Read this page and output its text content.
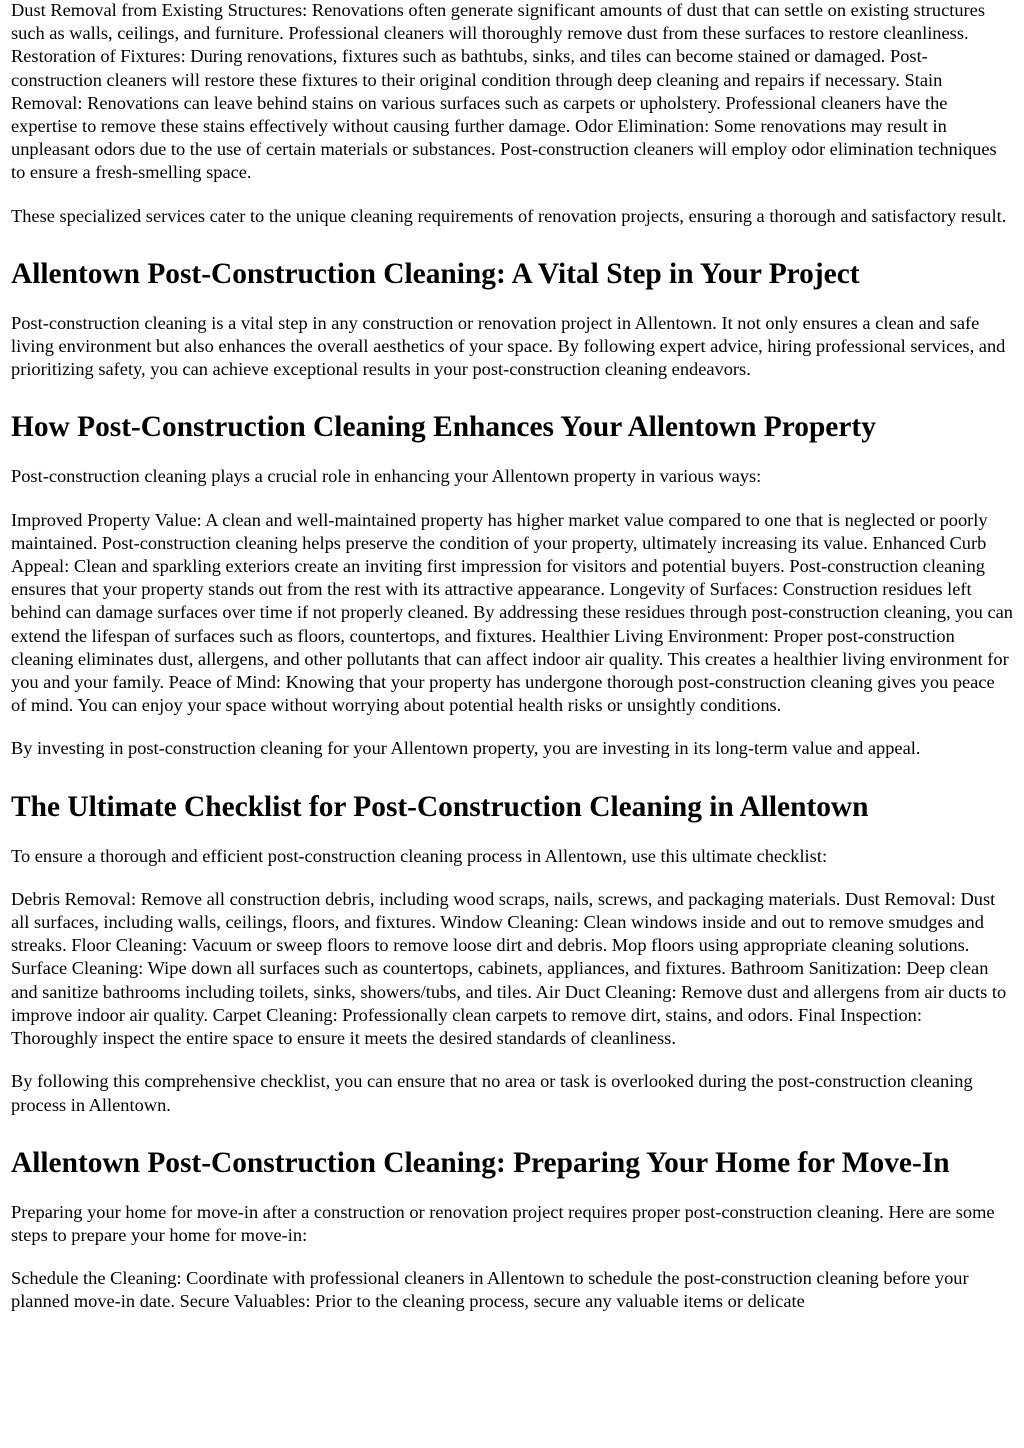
Dust Removal from Existing Structures: Renovations often generate significant amounts of dust that can settle on existing structures such as walls, ceilings, and furniture. Professional cleaners will thoroughly remove dust from these surfaces to restore cleanliness. Restoration of Fixtures: During renovations, fixtures such as bathtubs, sinks, and tiles can become stained or damaged. Post-construction cleaners will restore these fixtures to their original condition through deep cleaning and repairs if necessary. Stain Removal: Renovations can leave behind stains on various surfaces such as carpets or upholstery. Professional cleaners have the expertise to remove these stains effectively without causing further damage. Odor Elimination: Some renovations may result in unpleasant odors due to the use of certain materials or substances. Post-construction cleaners will employ odor elimination techniques to ensure a fresh-smelling space.

These specialized services cater to the unique cleaning requirements of renovation projects, ensuring a thorough and satisfactory result.

Allentown Post-Construction Cleaning: A Vital Step in Your Project

Post-construction cleaning is a vital step in any construction or renovation project in Allentown. It not only ensures a clean and safe living environment but also enhances the overall aesthetics of your space. By following expert advice, hiring professional services, and prioritizing safety, you can achieve exceptional results in your post-construction cleaning endeavors.

How Post-Construction Cleaning Enhances Your Allentown Property

Post-construction cleaning plays a crucial role in enhancing your Allentown property in various ways:

Improved Property Value: A clean and well-maintained property has higher market value compared to one that is neglected or poorly maintained. Post-construction cleaning helps preserve the condition of your property, ultimately increasing its value. Enhanced Curb Appeal: Clean and sparkling exteriors create an inviting first impression for visitors and potential buyers. Post-construction cleaning ensures that your property stands out from the rest with its attractive appearance. Longevity of Surfaces: Construction residues left behind can damage surfaces over time if not properly cleaned. By addressing these residues through post-construction cleaning, you can extend the lifespan of surfaces such as floors, countertops, and fixtures. Healthier Living Environment: Proper post-construction cleaning eliminates dust, allergens, and other pollutants that can affect indoor air quality. This creates a healthier living environment for you and your family. Peace of Mind: Knowing that your property has undergone thorough post-construction cleaning gives you peace of mind. You can enjoy your space without worrying about potential health risks or unsightly conditions.

By investing in post-construction cleaning for your Allentown property, you are investing in its long-term value and appeal.

The Ultimate Checklist for Post-Construction Cleaning in Allentown

To ensure a thorough and efficient post-construction cleaning process in Allentown, use this ultimate checklist:

Debris Removal: Remove all construction debris, including wood scraps, nails, screws, and packaging materials. Dust Removal: Dust all surfaces, including walls, ceilings, floors, and fixtures. Window Cleaning: Clean windows inside and out to remove smudges and streaks. Floor Cleaning: Vacuum or sweep floors to remove loose dirt and debris. Mop floors using appropriate cleaning solutions. Surface Cleaning: Wipe down all surfaces such as countertops, cabinets, appliances, and fixtures. Bathroom Sanitization: Deep clean and sanitize bathrooms including toilets, sinks, showers/tubs, and tiles. Air Duct Cleaning: Remove dust and allergens from air ducts to improve indoor air quality. Carpet Cleaning: Professionally clean carpets to remove dirt, stains, and odors. Final Inspection: Thoroughly inspect the entire space to ensure it meets the desired standards of cleanliness.

By following this comprehensive checklist, you can ensure that no area or task is overlooked during the post-construction cleaning process in Allentown.

Allentown Post-Construction Cleaning: Preparing Your Home for Move-In

Preparing your home for move-in after a construction or renovation project requires proper post-construction cleaning. Here are some steps to prepare your home for move-in:

Schedule the Cleaning: Coordinate with professional cleaners in Allentown to schedule the post-construction cleaning before your planned move-in date. Secure Valuables: Prior to the cleaning process, secure any valuable items or delicate
